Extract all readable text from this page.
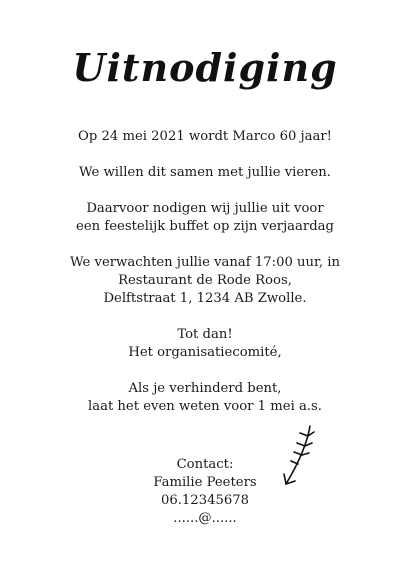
Uitnodiging

Op 24 mei 2021 wordt Marco 60 jaar!

We willen dit samen met jullie vieren.

Daarvoor nodigen wij jullie uit voor
een feestelijk buffet op zijn verjaardag

We verwachten jullie vanaf 17:00 uur, in
Restaurant de Rode Roos,
Delftstraat 1, 1234 AB Zwolle.

Tot dan!
Het organisatiecomité,

Als je verhinderd bent,
laat het even weten voor 1 mei a.s.

Contact:
Familie Peeters
06.12345678
......@......
